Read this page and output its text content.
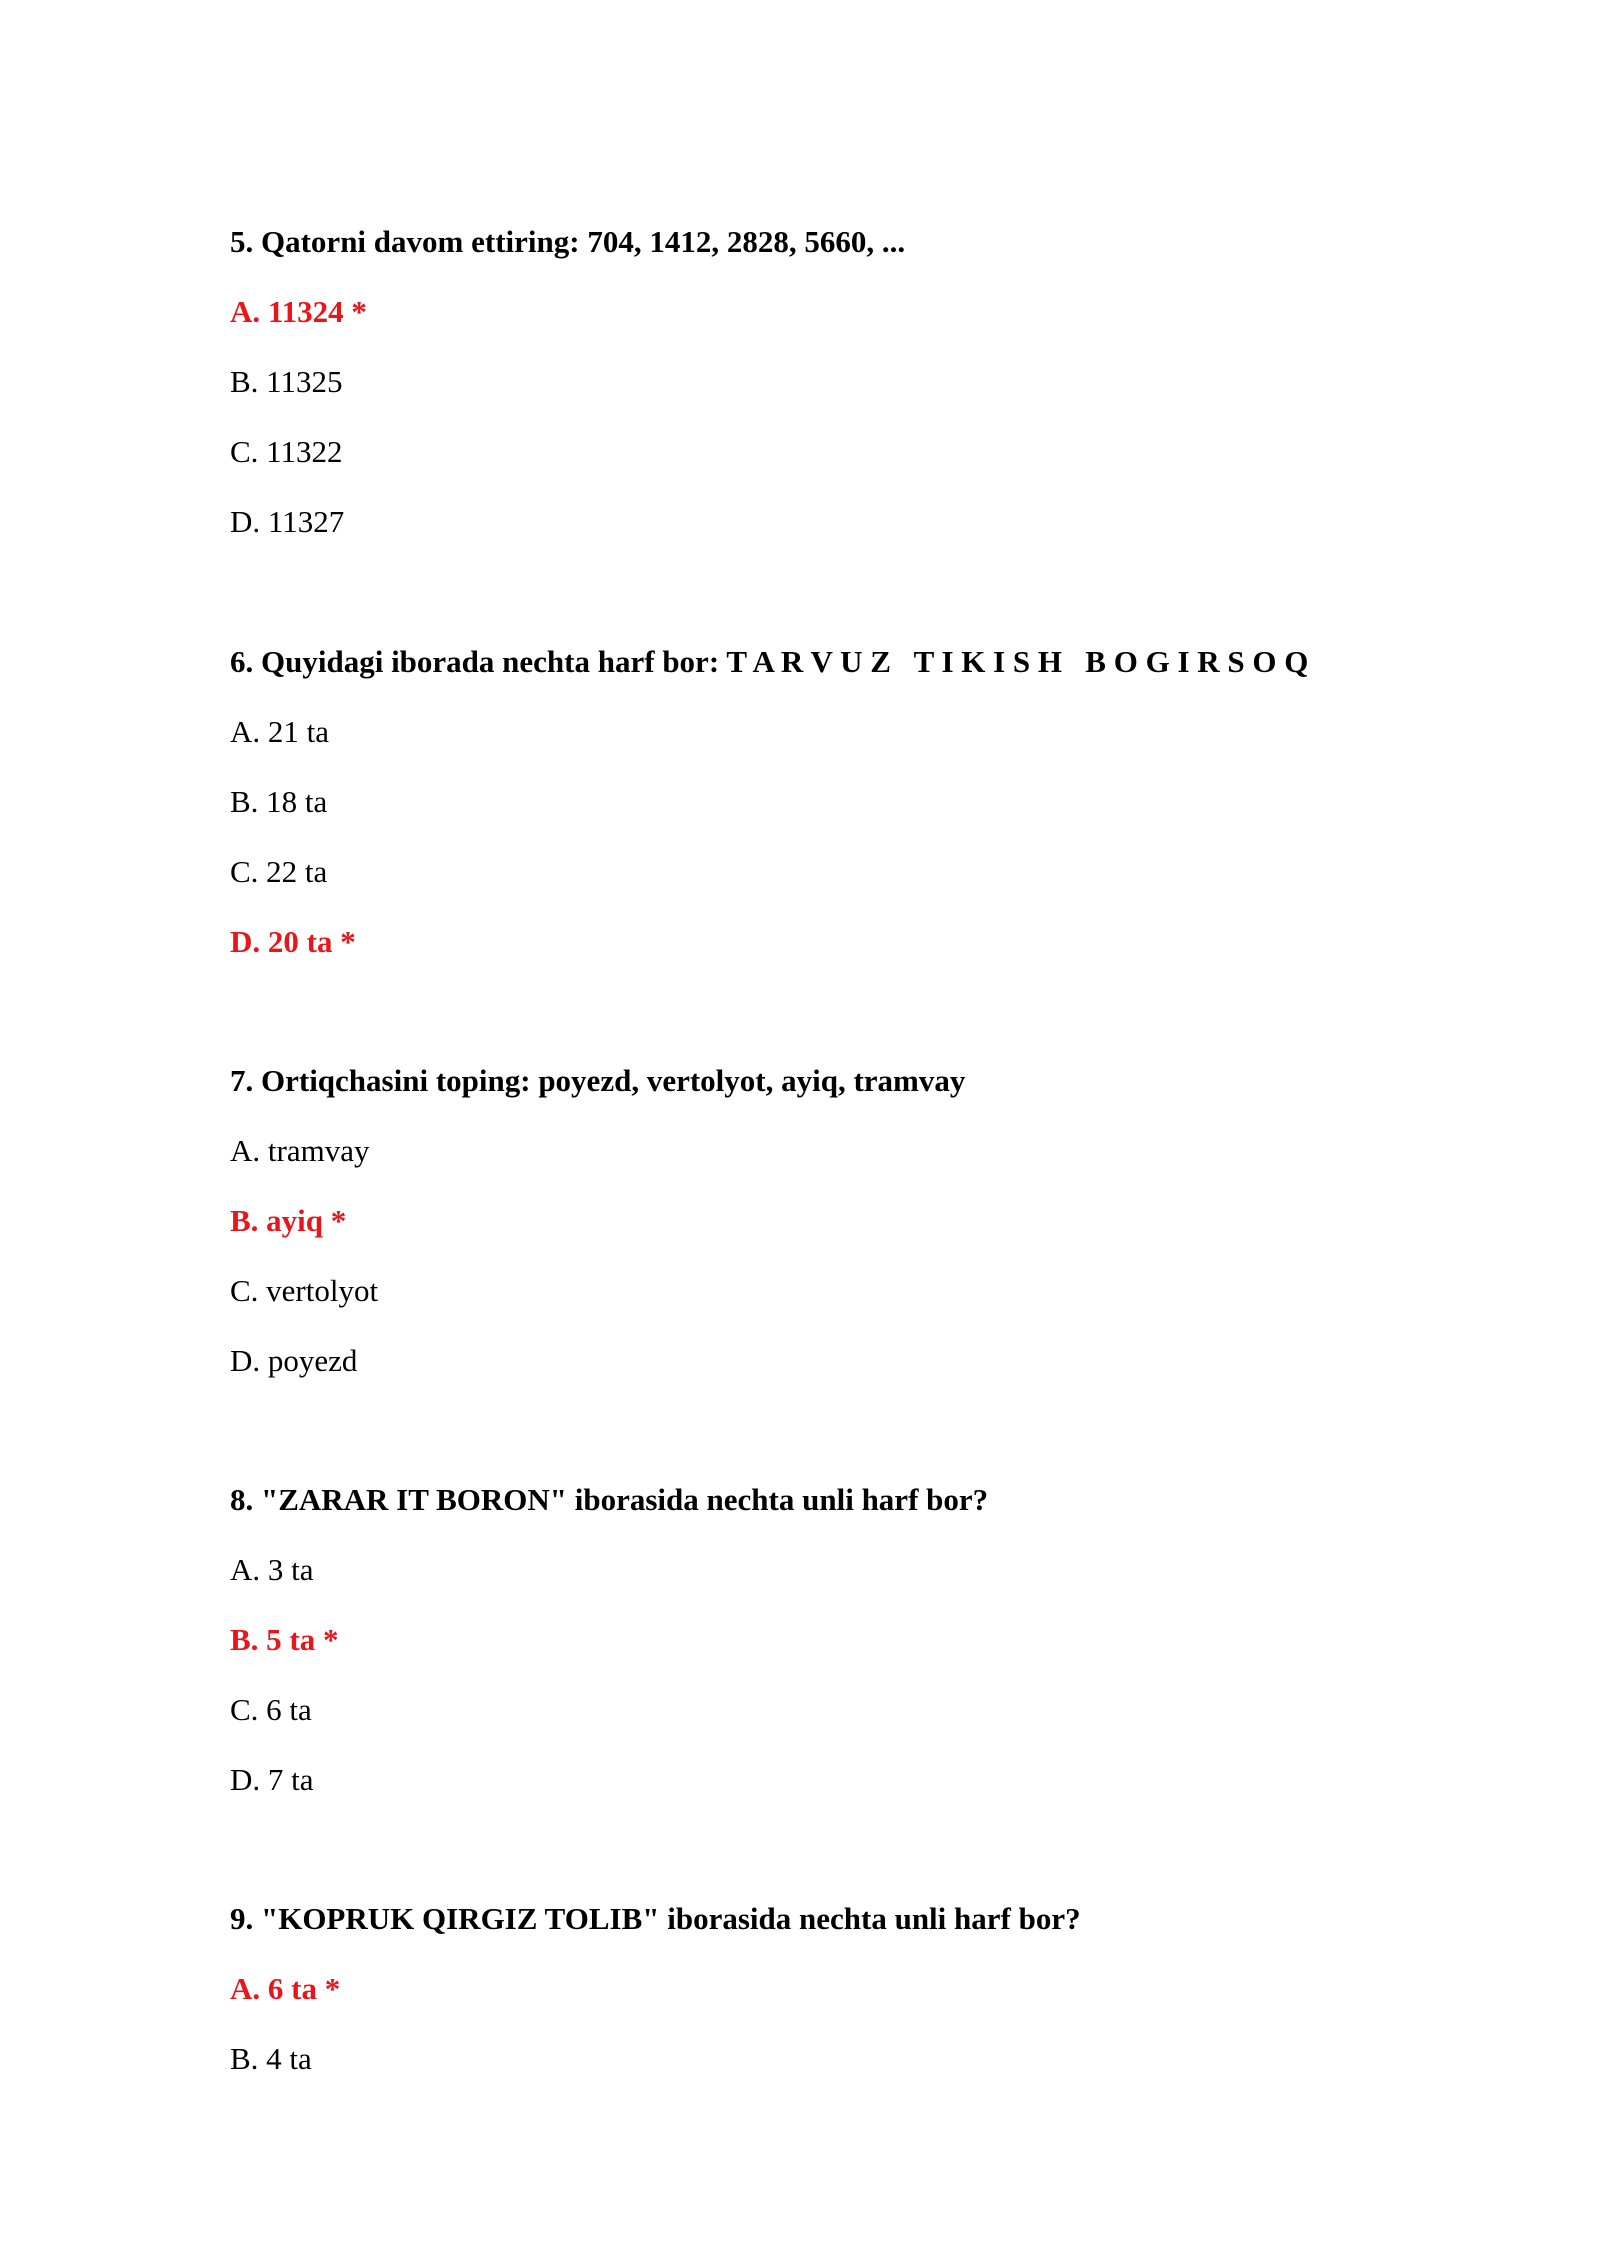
5. Qatorni davom ettiring: 704, 1412, 2828, 5660, ...
A. 11324 *
B. 11325
C. 11322
D. 11327
6. Quyidagi iborada nechta harf bor: T A R V U Z   T I K I S H   B O G I R S O Q
A. 21 ta
B. 18 ta
C. 22 ta
D. 20 ta *
7. Ortiqchasini toping: poyezd, vertolyot, ayiq, tramvay
A. tramvay
B. ayiq *
C. vertolyot
D. poyezd
8. "ZARAR IT BORON" iborasida nechta unli harf bor?
A. 3 ta
B. 5 ta *
C. 6 ta
D. 7 ta
9. "KOPRUK QIRGIZ TOLIB" iborasida nechta unli harf bor?
A. 6 ta *
B. 4 ta
